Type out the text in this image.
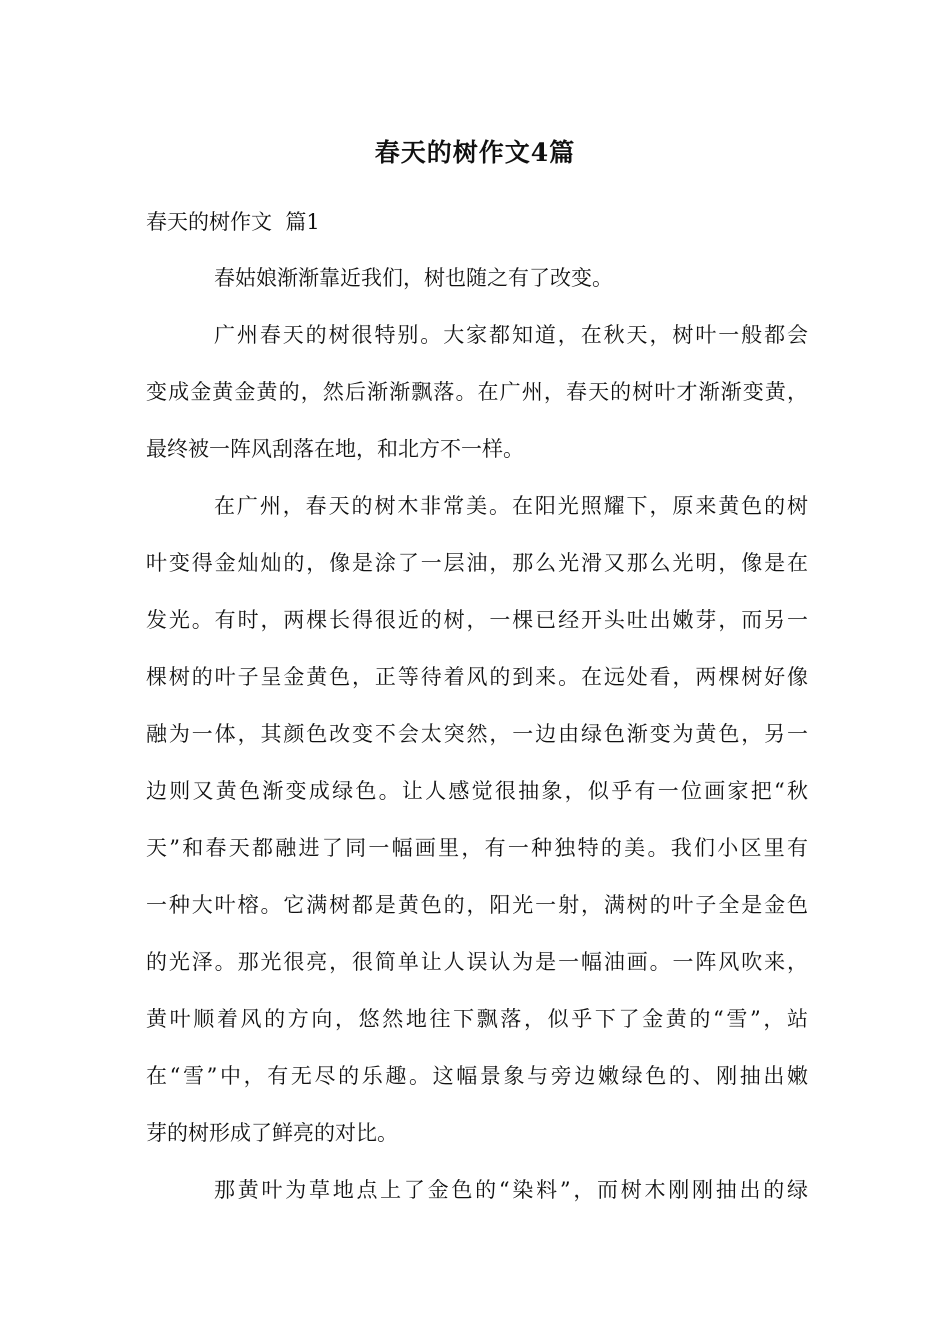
春天的树作文4篇
春天的树作文  篇1
春姑娘渐渐靠近我们，树也随之有了改变。
广州春天的树很特别。大家都知道，在秋天，树叶一般都会
变成金黄金黄的，然后渐渐飘落。在广州，春天的树叶才渐渐变黄，
最终被一阵风刮落在地，和北方不一样。
在广州，春天的树木非常美。在阳光照耀下，原来黄色的树
叶变得金灿灿的，像是涂了一层油，那么光滑又那么光明，像是在
发光。有时，两棵长得很近的树，一棵已经开头吐出嫩芽，而另一
棵树的叶子呈金黄色，正等待着风的到来。在远处看，两棵树好像
融为一体，其颜色改变不会太突然，一边由绿色渐变为黄色，另一
边则又黄色渐变成绿色。让人感觉很抽象，似乎有一位画家把“秋
天”和春天都融进了同一幅画里，有一种独特的美。我们小区里有
一种大叶榕。它满树都是黄色的，阳光一射，满树的叶子全是金色
的光泽。那光很亮，很简单让人误认为是一幅油画。一阵风吹来，
黄叶顺着风的方向，悠然地往下飘落，似乎下了金黄的“雪”，站
在“雪”中，有无尽的乐趣。这幅景象与旁边嫩绿色的、刚抽出嫩
芽的树形成了鲜亮的对比。
那黄叶为草地点上了金色的“染料”，而树木刚刚抽出的绿
